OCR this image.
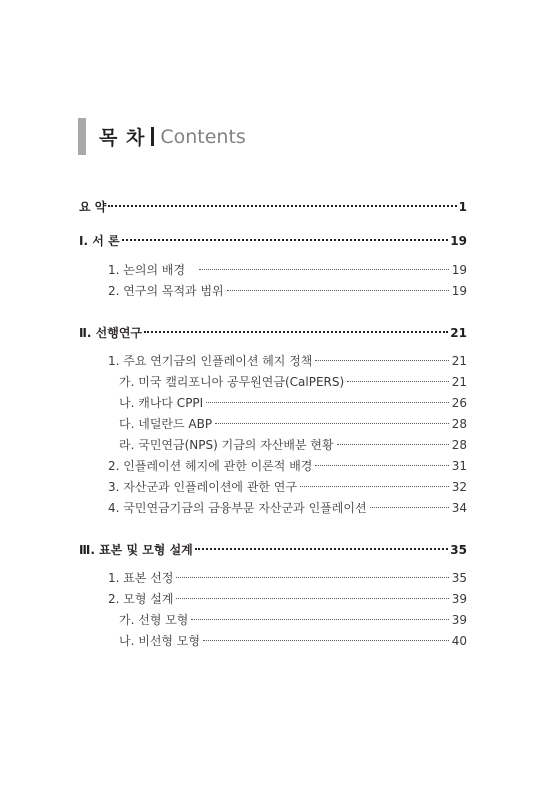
목 차 Contents
요 약	1
Ⅰ. 서 론	19
1. 논의의 배경	19
2. 연구의 목적과 범위	19
Ⅱ. 선행연구	21
1. 주요 연기금의 인플레이션 헤지 정책	21
가. 미국 캘리포니아 공무원연금(CalPERS)	21
나. 캐나다 CPPI	26
다. 네덜란드 ABP	28
라. 국민연금(NPS) 기금의 자산배분 현황	28
2. 인플레이션 헤지에 관한 이론적 배경	31
3. 자산군과 인플레이션에 관한 연구	32
4. 국민연금기금의 금융부문 자산군과 인플레이션	34
Ⅲ. 표본 및 모형 설계	35
1. 표본 선정	35
2. 모형 설계	39
가. 선형 모형	39
나. 비선형 모형	40
